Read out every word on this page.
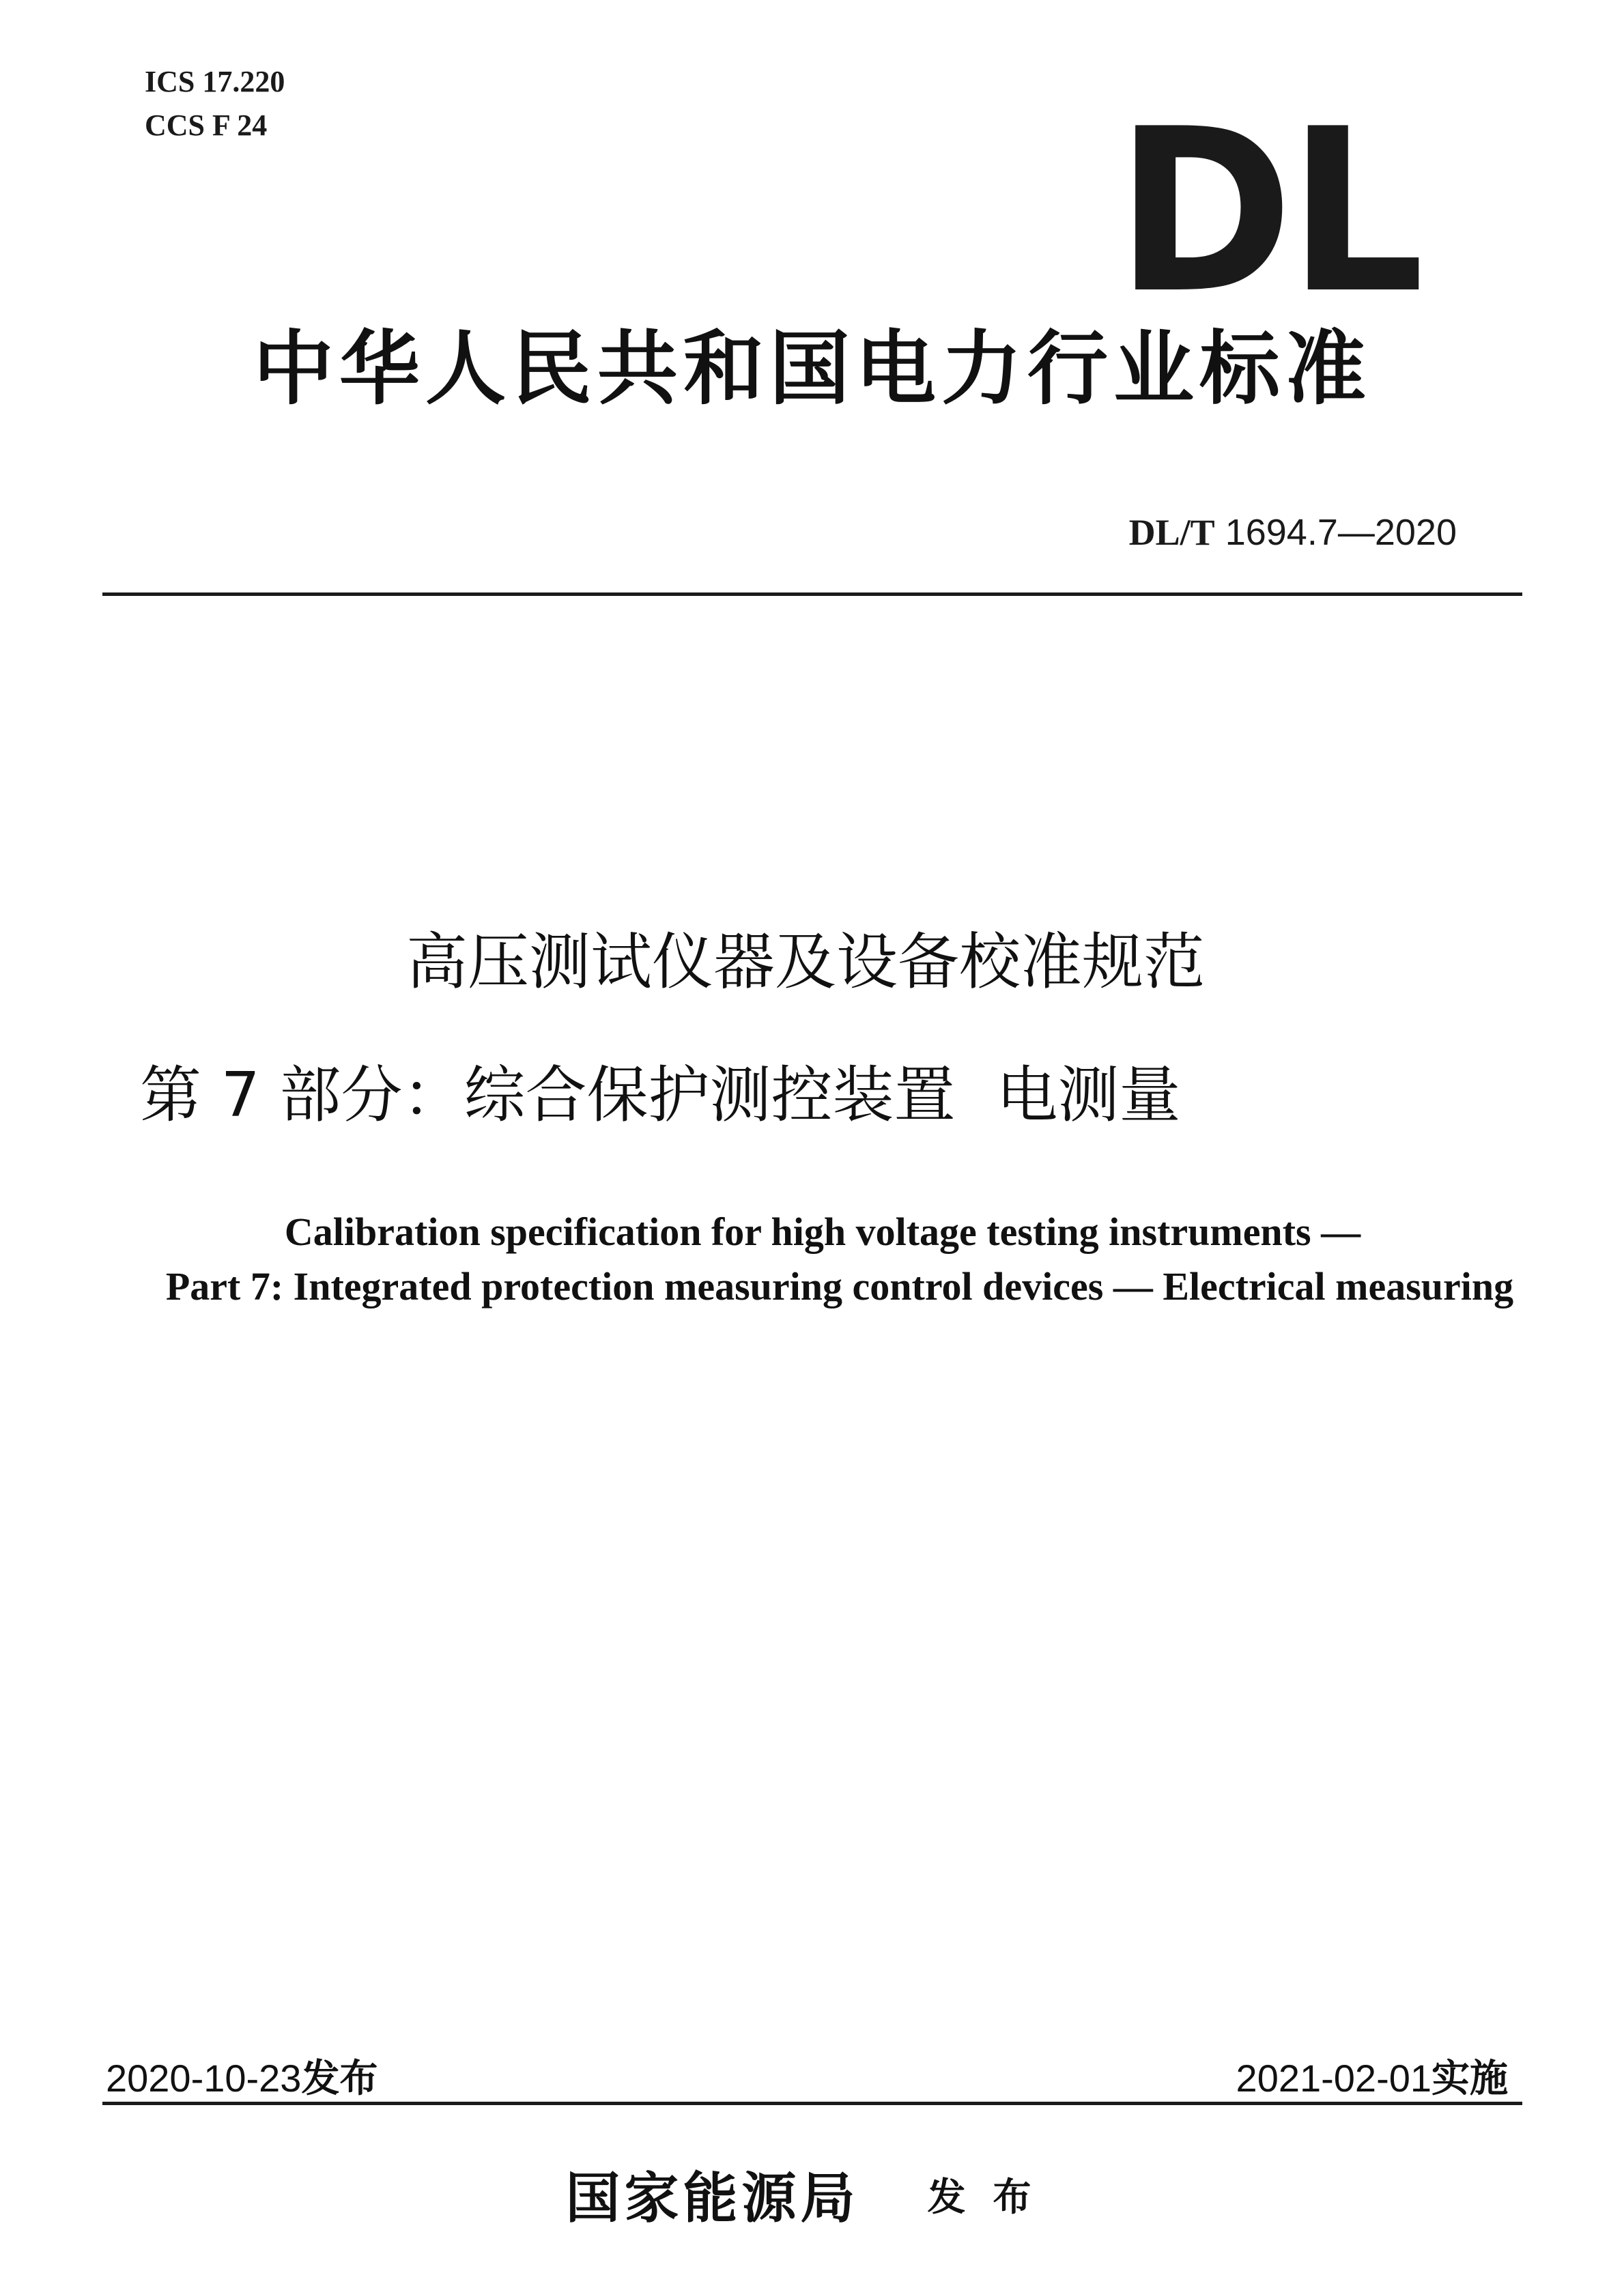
ICS 17.220
CCS F 24	DL
中华人民共和国电力行业标准
DL/T 1694.7—2020
高压测试仪器及设备校准规范
第 7 部分：综合保护测控装置 电测量
Calibration specification for high voltage testing instruments —
Part 7: Integrated protection measuring control devices — Electrical measuring
2020-10-23发布	2021-02-01实施
国家能源局 发布
